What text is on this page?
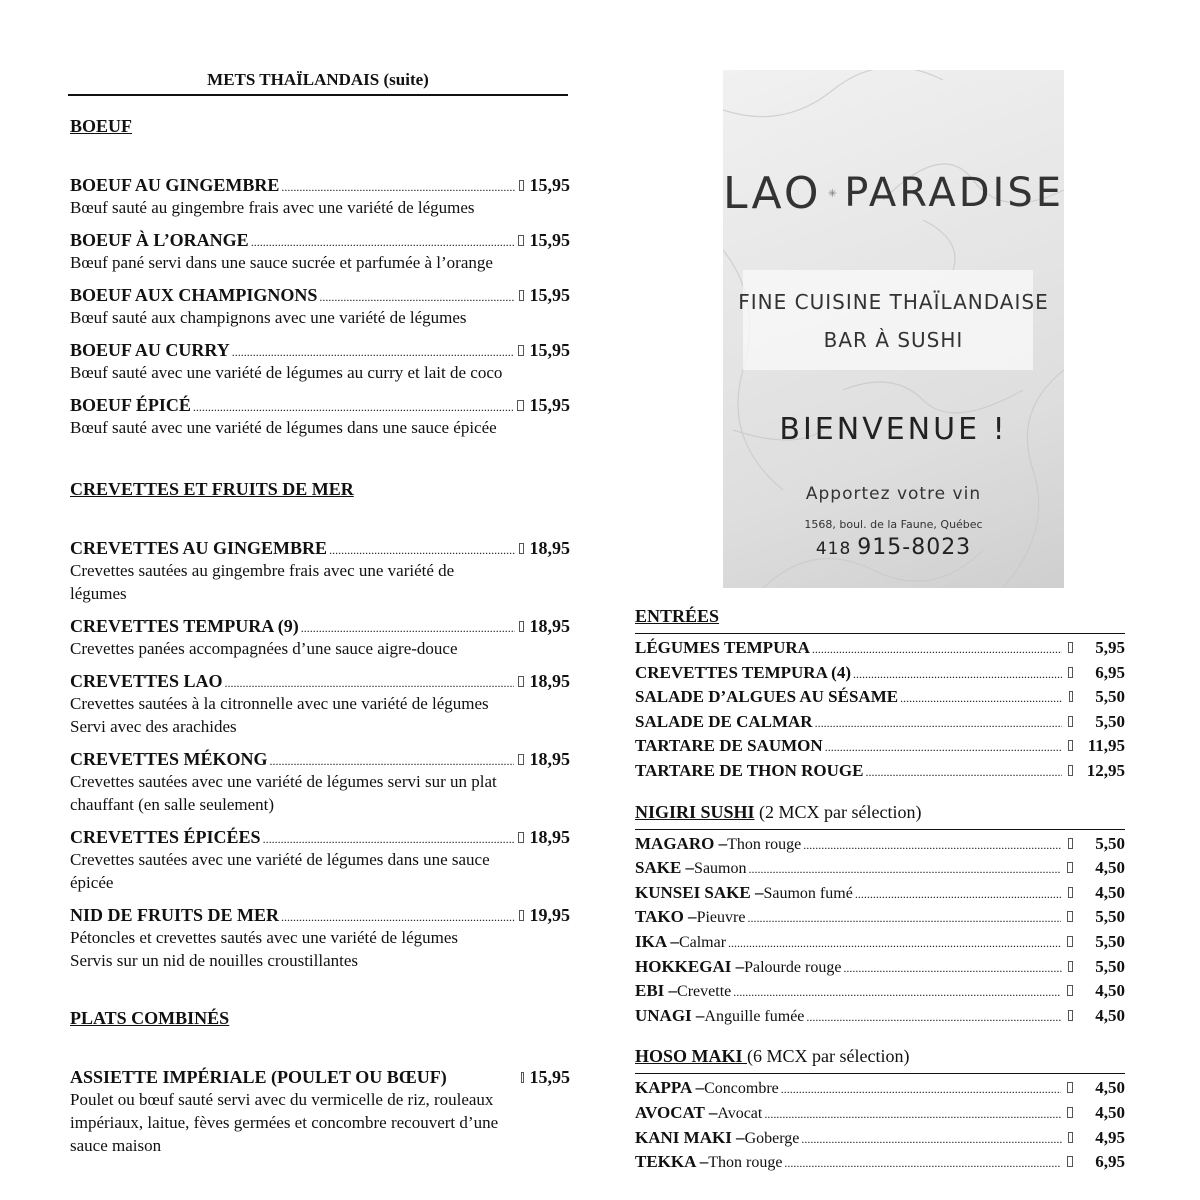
METS THAÏLANDAIS (suite)
BOEUF
BOEUF AU GINGEMBRE .....	15,95
Bœuf sauté au gingembre frais avec une variété de légumes
BOEUF À L’ORANGE .....	15,95
Bœuf pané servi dans une sauce sucrée et parfumée à l’orange
BOEUF AUX CHAMPIGNONS .....	15,95
Bœuf sauté aux champignons avec une variété de légumes
BOEUF AU CURRY .....	15,95
Bœuf sauté avec une variété de légumes au curry et lait de coco
BOEUF ÉPICÉ .....	15,95
Bœuf sauté avec une variété de légumes dans une sauce épicée
CREVETTES ET FRUITS DE MER
CREVETTES AU GINGEMBRE .....	18,95
Crevettes sautées au gingembre frais avec une variété de
légumes
CREVETTES TEMPURA (9) .....	18,95
Crevettes panées accompagnées d’une sauce aigre-douce
CREVETTES LAO .....	18,95
Crevettes sautées à la citronnelle avec une variété de légumes
Servi avec des arachides
CREVETTES MÉKONG .....	18,95
Crevettes sautées avec une variété de légumes servi sur un plat
chauffant (en salle seulement)
CREVETTES ÉPICÉES .....	18,95
Crevettes sautées avec une variété de légumes dans une sauce
épicée
NID DE FRUITS DE MER .....	19,95
Pétoncles et crevettes sautés avec une variété de légumes
Servis sur un nid de nouilles croustillantes
PLATS COMBINÉS
ASSIETTE IMPÉRIALE (POULET OU BŒUF)	15,95
Poulet ou bœuf sauté servi avec du vermicelle de riz, rouleaux
impériaux, laitue, fèves germées et concombre recouvert d’une
sauce maison
LAO PARADISE
FINE CUISINE THAÏLANDAISE
BAR À SUSHI
BIENVENUE !
Apportez votre vin
1568, boul. de la Faune, Québec
418 915-8023
ENTRÉES
LÉGUMES TEMPURA .....	5,95
CREVETTES TEMPURA (4) .....	6,95
SALADE D’ALGUES AU SÉSAME .....	5,50
SALADE DE CALMAR .....	5,50
TARTARE DE SAUMON .....	11,95
TARTARE DE THON ROUGE .....	12,95
NIGIRI SUSHI (2 MCX par sélection)
MAGARO – Thon rouge .....	5,50
SAKE – Saumon .....	4,50
KUNSEI SAKE – Saumon fumé .....	4,50
TAKO – Pieuvre .....	5,50
IKA – Calmar .....	5,50
HOKKEGAI – Palourde rouge .....	5,50
EBI – Crevette .....	4,50
UNAGI – Anguille fumée .....	4,50
HOSO MAKI (6 MCX par sélection)
KAPPA – Concombre .....	4,50
AVOCAT – Avocat .....	4,50
KANI MAKI – Goberge .....	4,95
TEKKA – Thon rouge .....	6,95
